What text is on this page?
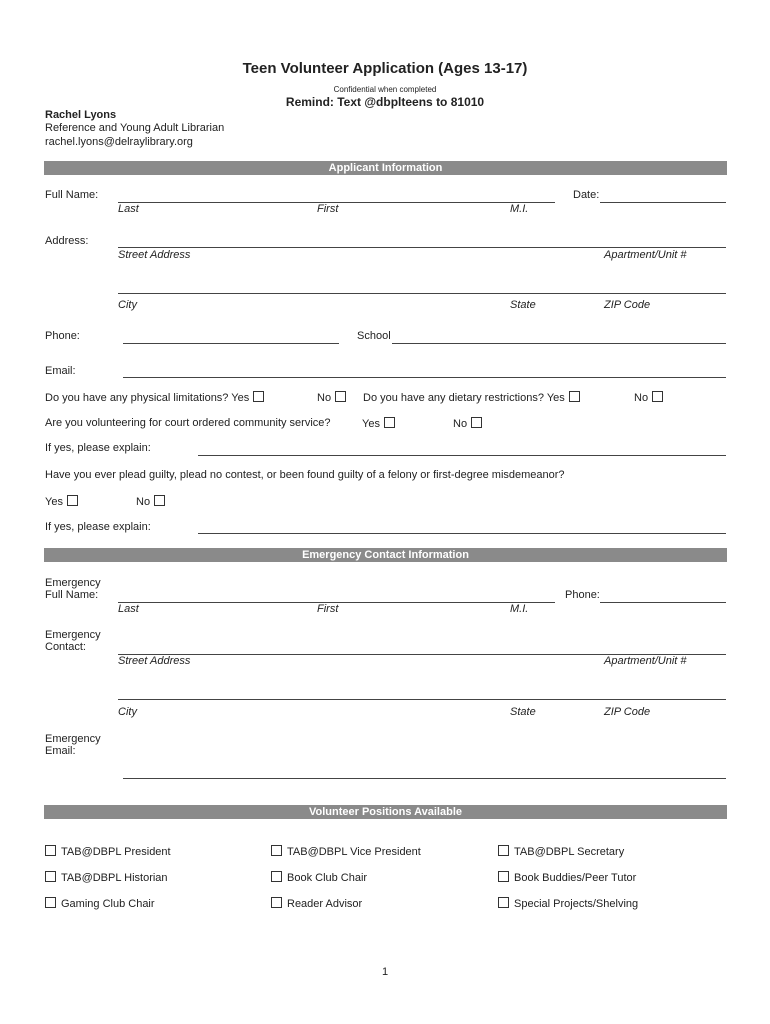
Teen Volunteer Application (Ages 13-17)
Confidential when completed
Remind: Text @dbplteens to 81010
Rachel Lyons
Reference and Young Adult Librarian
rachel.lyons@delraylibrary.org
Applicant Information
Full Name:	Date:
Last	First	M.I.
Address:
Street Address	Apartment/Unit #
City	State	ZIP Code
Phone:	School
Email:
Do you have any physical limitations? Yes	No	Do you have any dietary restrictions? Yes	No
Are you volunteering for court ordered community service?	Yes	No
If yes, please explain:
Have you ever plead guilty, plead no contest, or been found guilty of a felony or first-degree misdemeanor?
Yes	No
If yes, please explain:
Emergency Contact Information
Emergency
Full Name:	Phone:
Last	First	M.I.
Emergency
Contact:
Street Address	Apartment/Unit #
City	State	ZIP Code
Emergency
Email:
Volunteer Positions Available
TAB@DBPL President	TAB@DBPL Vice President	TAB@DBPL Secretary
TAB@DBPL Historian	Book Club Chair	Book Buddies/Peer Tutor
Gaming Club Chair	Reader Advisor	Special Projects/Shelving
1
